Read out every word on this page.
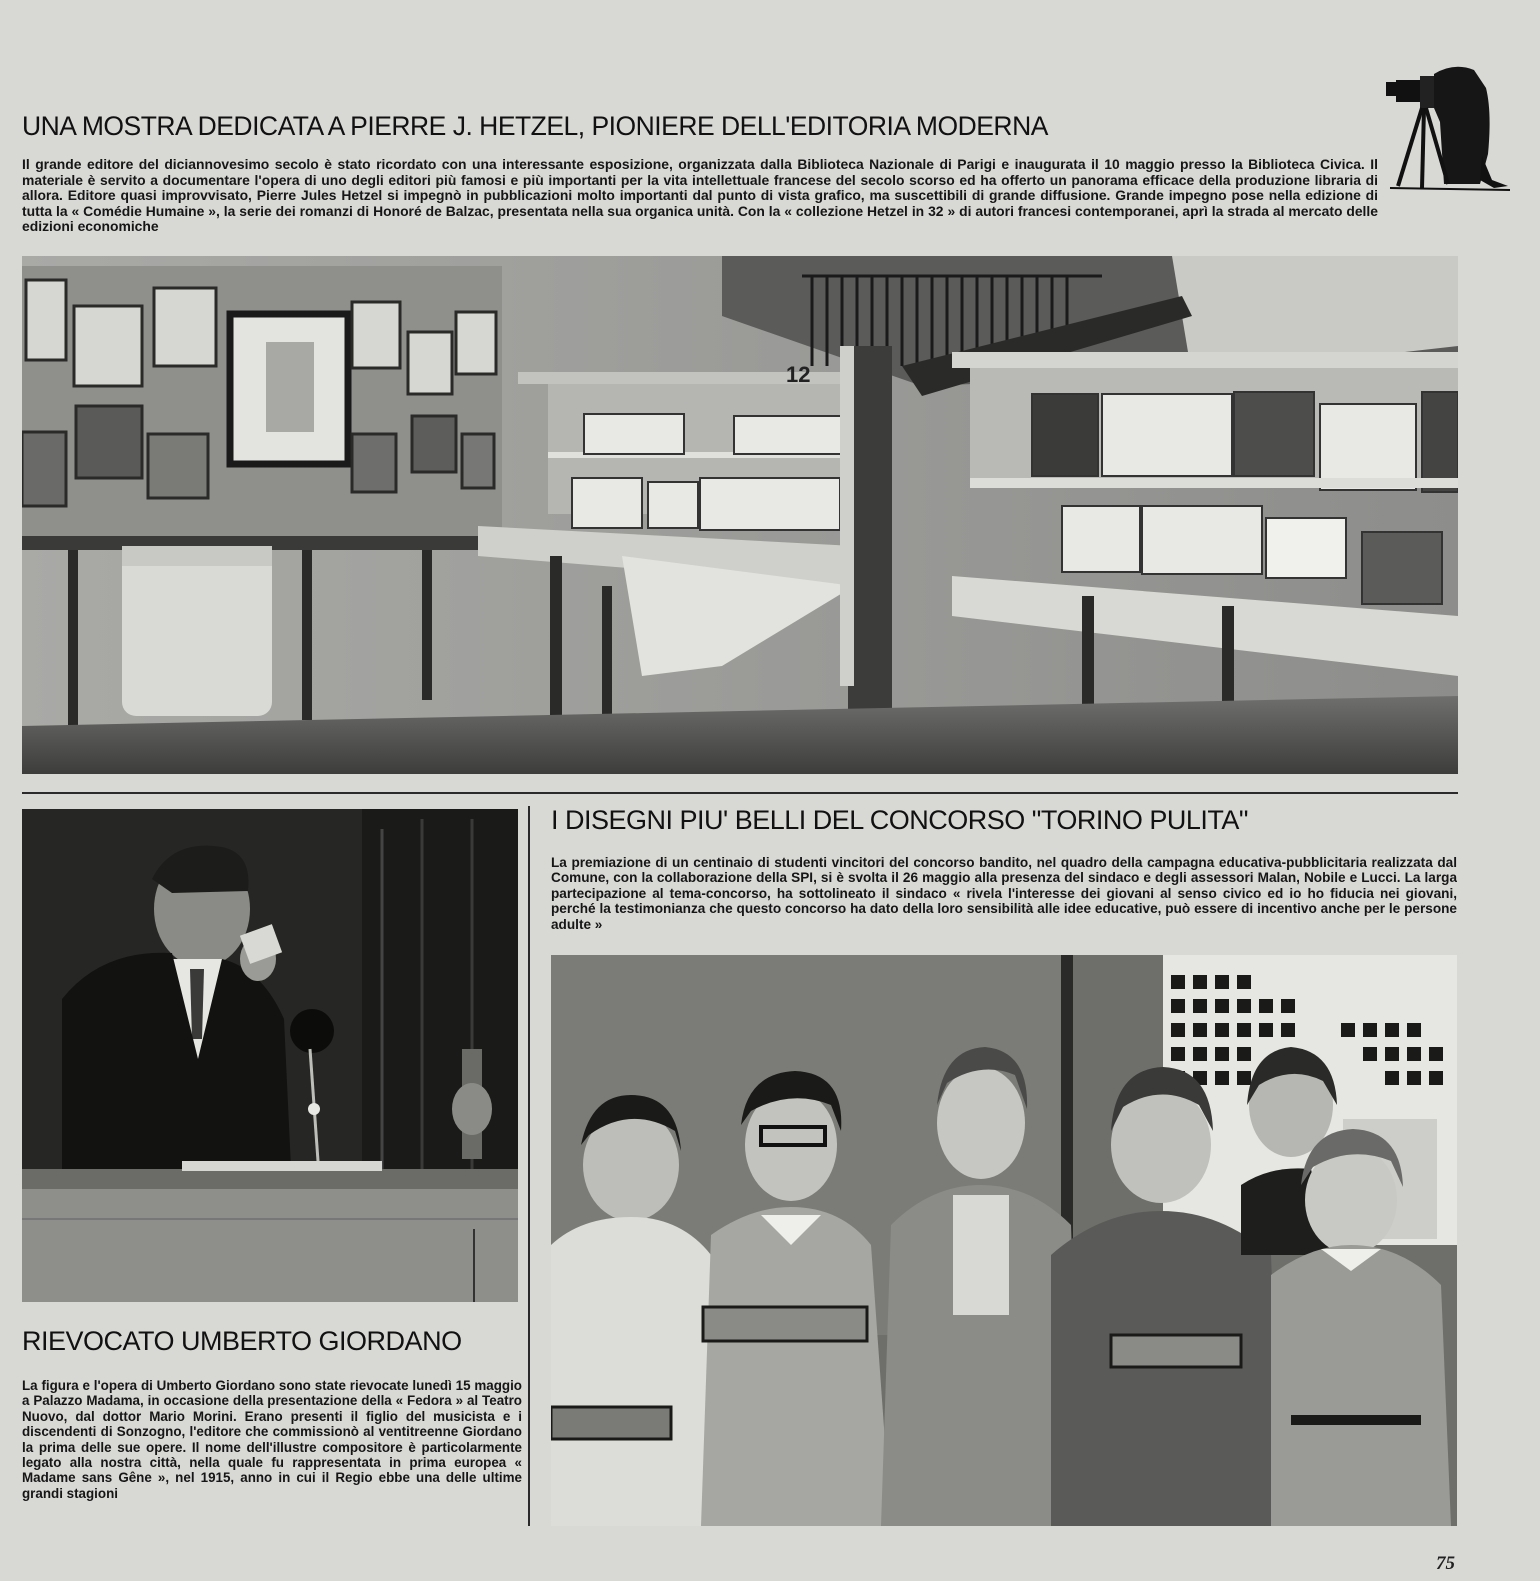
UNA MOSTRA DEDICATA A PIERRE J. HETZEL, PIONIERE DELL'EDITORIA MODERNA

Il grande editore del diciannovesimo secolo è stato ricordato con una interessante esposizione, organizzata dalla Biblioteca Nazionale di Parigi e inaugurata il 10 maggio presso la Biblioteca Civica. Il materiale è servito a documentare l'opera di uno degli editori più famosi e più importanti per la vita intellettuale francese del secolo scorso ed ha offerto un panorama efficace della produzione libraria di allora. Editore quasi improvvisato, Pierre Jules Hetzel si impegnò in pubblicazioni molto importanti dal punto di vista grafico, ma suscettibili di grande diffusione. Grande impegno pose nella edizione di tutta la « Comédie Humaine », la serie dei romanzi di Honoré de Balzac, presentata nella sua organica unità. Con la « collezione Hetzel in 32 » di autori francesi contemporanei, aprì la strada al mercato delle edizioni economiche

12
RIEVOCATO UMBERTO GIORDANO

La figura e l'opera di Umberto Giordano sono state rievocate lunedì 15 maggio a Palazzo Madama, in occasione della presentazione della « Fedora » al Teatro Nuovo, dal dottor Mario Morini. Erano presenti il figlio del musicista e i discendenti di Sonzogno, l'editore che commissionò al ventitreenne Giordano la prima delle sue opere. Il nome dell'illustre compositore è particolarmente legato alla nostra città, nella quale fu rappresentata in prima europea « Madame sans Gêne », nel 1915, anno in cui il Regio ebbe una delle ultime grandi stagioni

I DISEGNI PIU' BELLI DEL CONCORSO "TORINO PULITA"

La premiazione di un centinaio di studenti vincitori del concorso bandito, nel quadro della campagna educativa-pubblicitaria realizzata dal Comune, con la collaborazione della SPI, si è svolta il 26 maggio alla presenza del sindaco e degli assessori Malan, Nobile e Lucci. La larga partecipazione al tema-concorso, ha sottolineato il sindaco « rivela l'interesse dei giovani al senso civico ed io ho fiducia nei giovani, perché la testimonianza che questo concorso ha dato della loro sensibilità alle idee educative, può essere di incentivo anche per le persone adulte »

75
